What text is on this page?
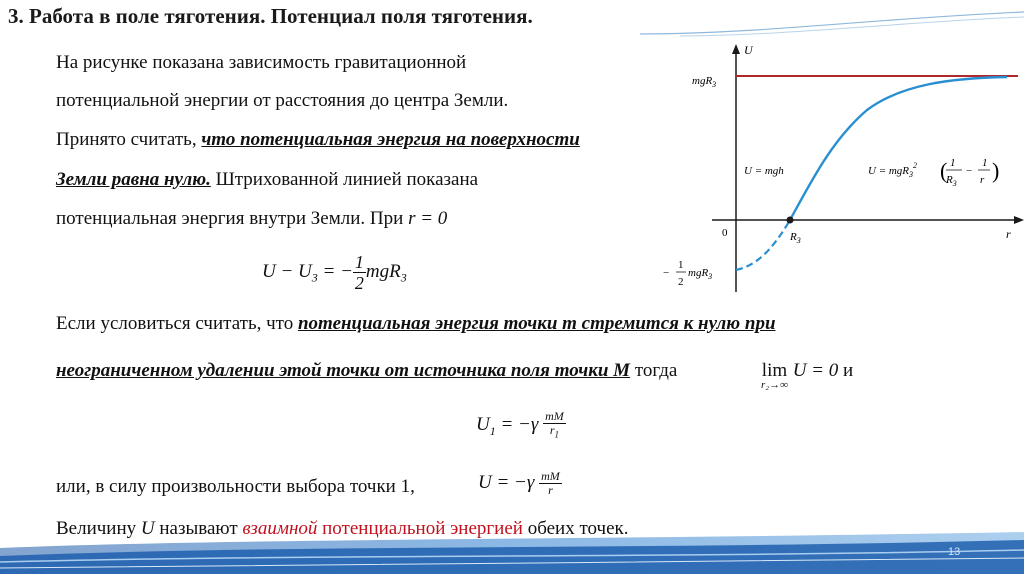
3. Работа в поле тяготения. Потенциал поля тяготения.
На рисунке показана зависимость гравитационной
потенциальной энергии от расстояния до центра Земли.
Принято считать, что потенциальная энергия на поверхности
Земли равна нулю. Штрихованной линией показана
потенциальная энергия внутри Земли. При r = 0
$U - U_3$ = − $\frac{1}{2} mgR_3$
Если условиться считать, что потенциальная энергия точки m стремится к нулю при
неограниченном удалении этой точки от источника поля точки M тогда	lim
r₂→∞
U = 0 и
$U_1 = -\gamma \frac{mM}{r_1}$
или, в силу произвольности выбора точки 1,	$U = -\gamma \frac{mM}{r}$
Величину U называют взаимной потенциальной энергией обеих точек.
U
r
0
mgR$_3$
$R_3$
U = mgh	U = mgR$_3^2$ ( 1
$R_3$
−
1
r )
−
1
2
mgR$_3$
13
